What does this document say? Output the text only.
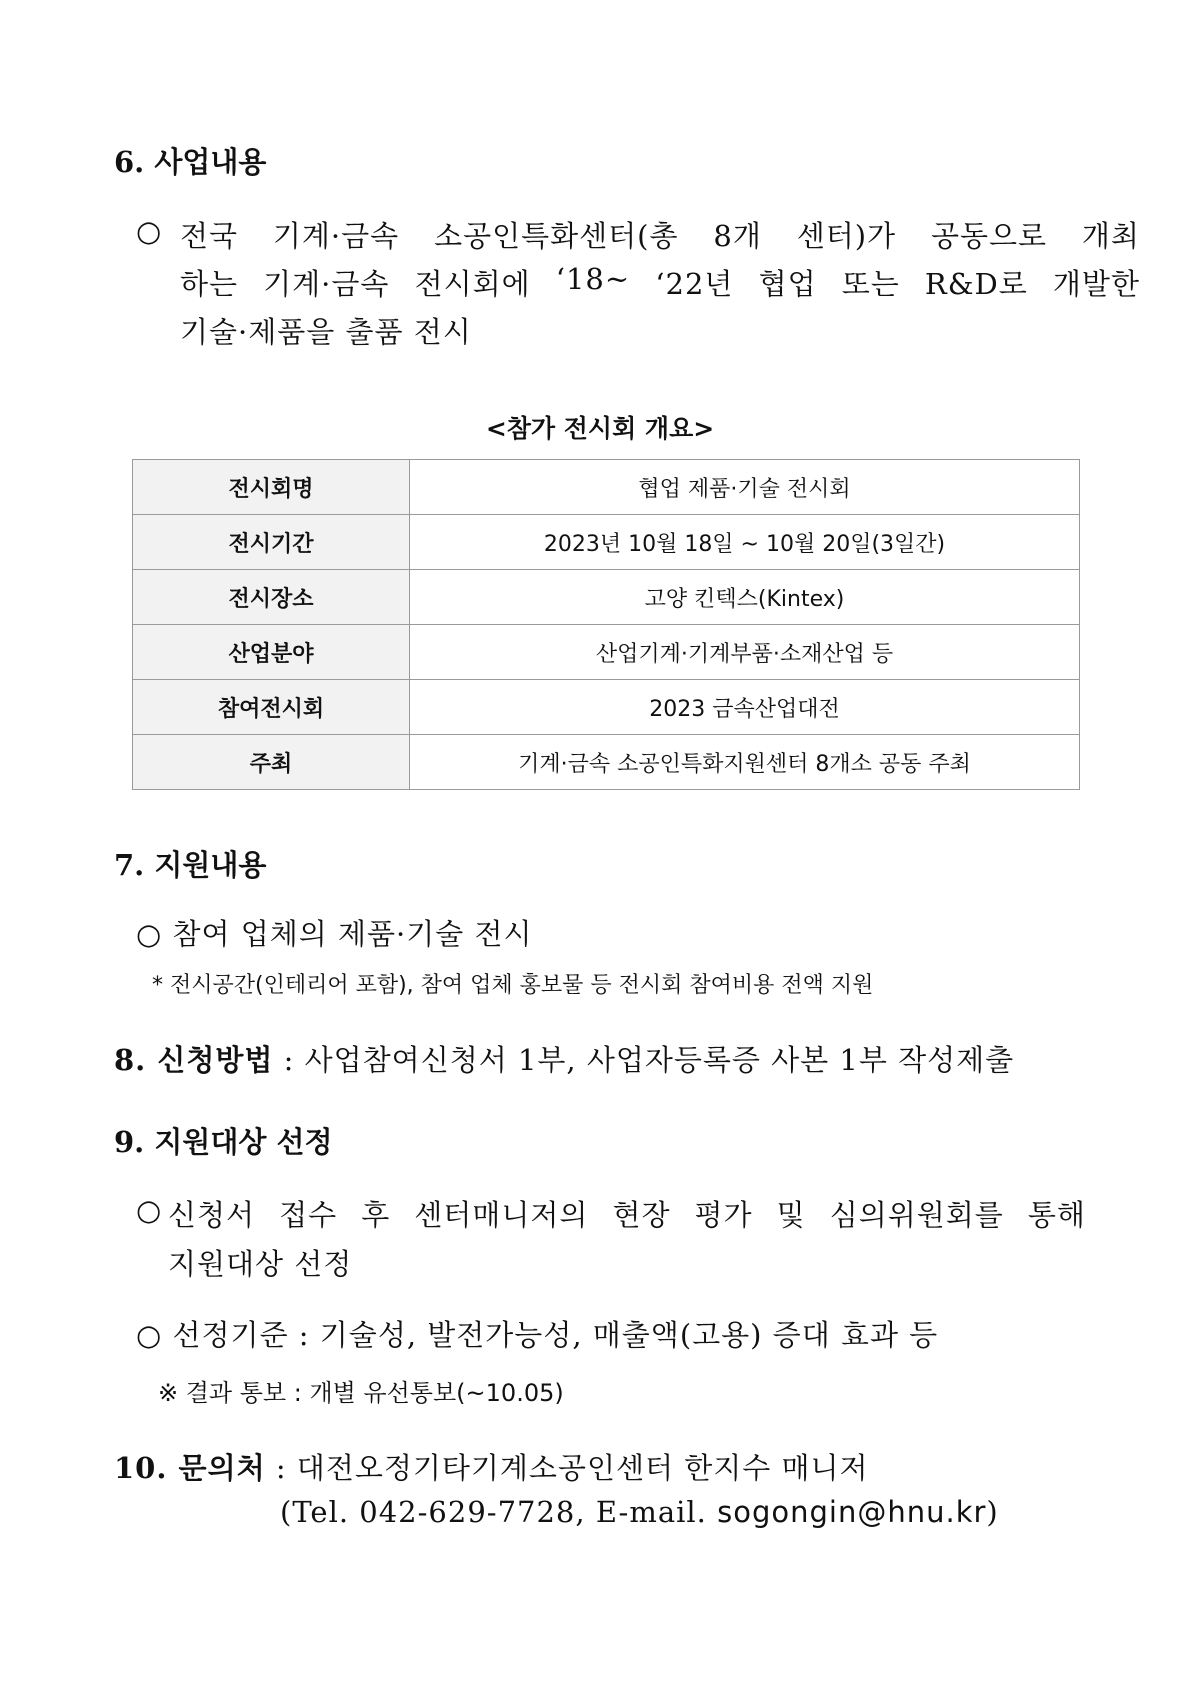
6. 사업내용
○ 전국 기계·금속 소공인특화센터(총 8개 센터)가 공동으로 개최
하는 기계·금속 전시회에 ‘18~ ‘22년 협업 또는 R&D로 개발한
기술·제품을 출품 전시
<참가 전시회 개요>
전시회명	협업 제품·기술 전시회
전시기간	2023년 10월 18일 ~ 10월 20일(3일간)
전시장소	고양 킨텍스(Kintex)
산업분야	산업기계·기계부품·소재산업 등
참여전시회	2023 금속산업대전
주최	기계·금속 소공인특화지원센터 8개소 공동 주최
7. 지원내용
○ 참여 업체의 제품·기술 전시
* 전시공간(인테리어 포함), 참여 업체 홍보물 등 전시회 참여비용 전액 지원
8. 신청방법 : 사업참여신청서 1부, 사업자등록증 사본 1부 작성제출
9. 지원대상 선정
○ 신청서 접수 후 센터매니저의 현장 평가 및 심의위원회를 통해
지원대상 선정
○ 선정기준 : 기술성, 발전가능성, 매출액(고용) 증대 효과 등
※ 결과 통보 : 개별 유선통보(~10.05)
10. 문의처 : 대전오정기타기계소공인센터 한지수 매니저
(Tel. 042-629-7728, E-mail. sogongin@hnu.kr)
